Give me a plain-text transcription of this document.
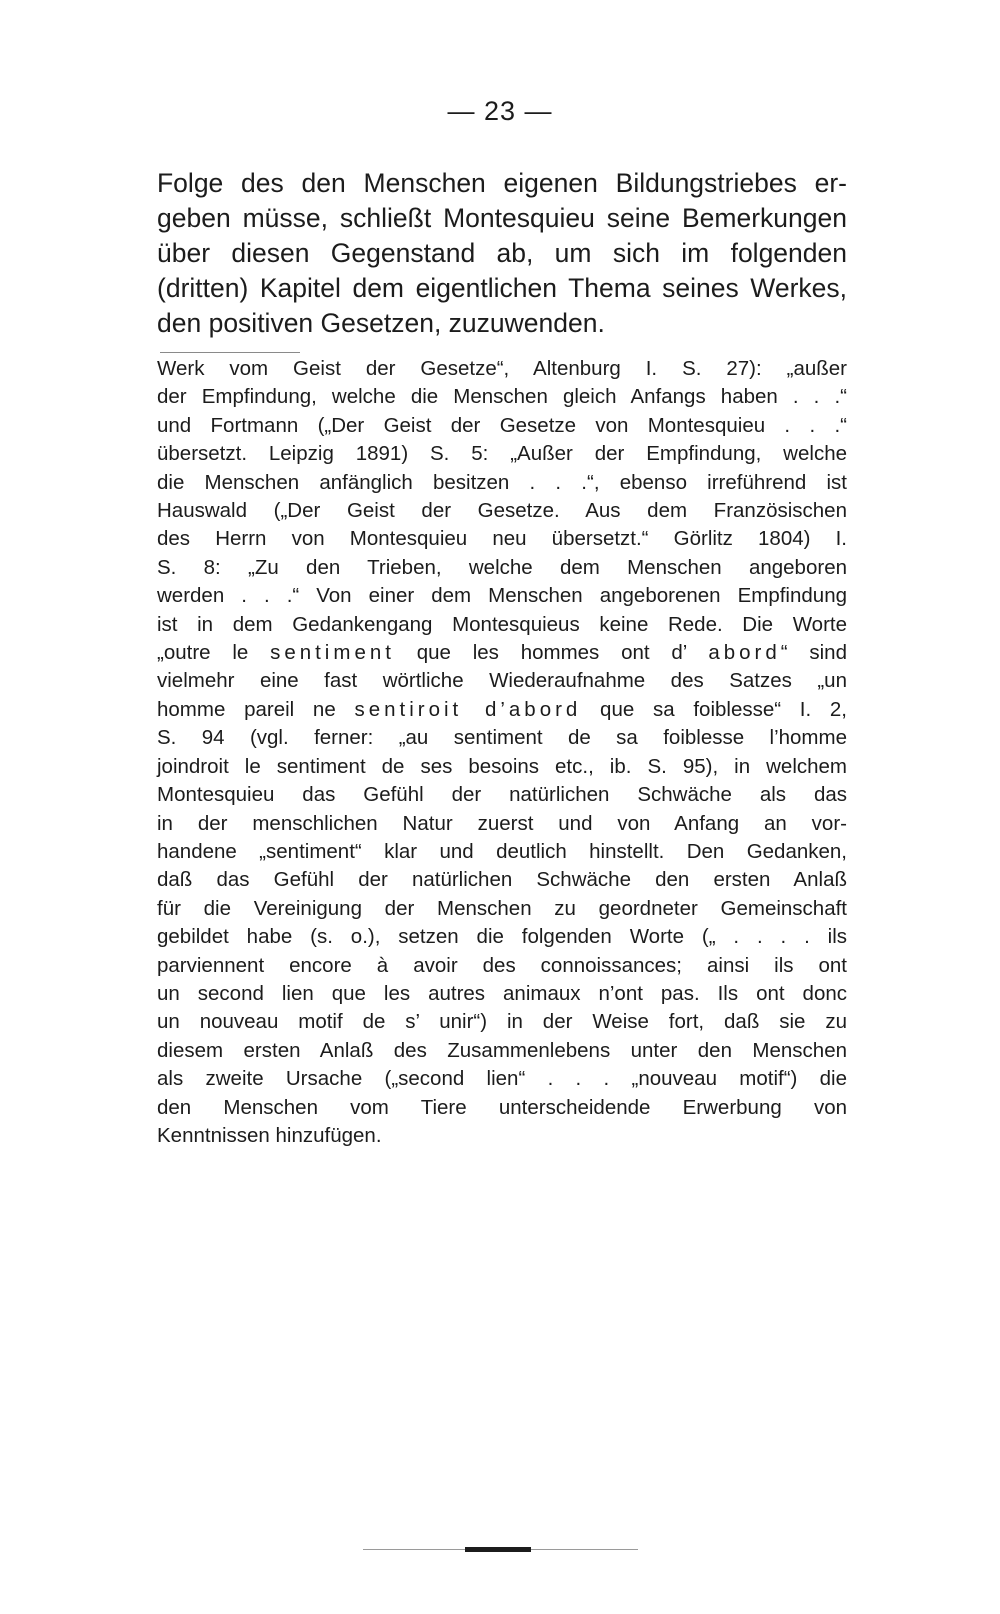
— 23 —
Folge des den Menschen eigenen Bildungstriebes er-
geben müsse, schließt Montesquieu seine Bemerkungen
über diesen Gegenstand ab, um sich im folgenden
(dritten) Kapitel dem eigentlichen Thema seines Werkes,
den positiven Gesetzen, zuzuwenden.
Werk vom Geist der Gesetze“, Altenburg I. S. 27): „außer
der Empfindung, welche die Menschen gleich Anfangs haben . . .“
und Fortmann („Der Geist der Gesetze von Montesquieu . . .“
übersetzt. Leipzig 1891) S. 5: „Außer der Empfindung, welche
die Menschen anfänglich besitzen . . .“, ebenso irreführend ist
Hauswald („Der Geist der Gesetze. Aus dem Französischen
des Herrn von Montesquieu neu übersetzt.“ Görlitz 1804) I.
S. 8: „Zu den Trieben, welche dem Menschen angeboren
werden . . .“ Von einer dem Menschen angeborenen Empfindung
ist in dem Gedankengang Montesquieus keine Rede. Die Worte
„outre le sentiment que les hommes ont d’ abord“ sind
vielmehr eine fast wörtliche Wiederaufnahme des Satzes „un
homme pareil ne sentiroit d’abord que sa foiblesse“ I. 2,
S. 94 (vgl. ferner: „au sentiment de sa foiblesse l’homme
joindroit le sentiment de ses besoins etc., ib. S. 95), in welchem
Montesquieu das Gefühl der natürlichen Schwäche als das
in der menschlichen Natur zuerst und von Anfang an vor-
handene „sentiment“ klar und deutlich hinstellt. Den Gedanken,
daß das Gefühl der natürlichen Schwäche den ersten Anlaß
für die Vereinigung der Menschen zu geordneter Gemeinschaft
gebildet habe (s. o.), setzen die folgenden Worte („ . . . . ils
parviennent encore à avoir des connoissances; ainsi ils ont
un second lien que les autres animaux n’ont pas. Ils ont donc
un nouveau motif de s’ unir“) in der Weise fort, daß sie zu
diesem ersten Anlaß des Zusammenlebens unter den Menschen
als zweite Ursache („second lien“ . . . „nouveau motif“) die
den Menschen vom Tiere unterscheidende Erwerbung von
Kenntnissen hinzufügen.
